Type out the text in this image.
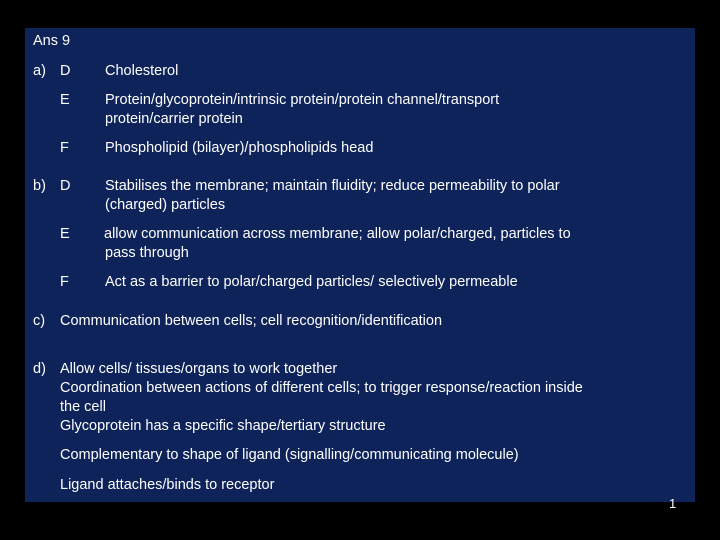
Ans 9
a) D Cholesterol
E Protein/glycoprotein/intrinsic protein/protein channel/transport
protein/carrier protein
F Phospholipid (bilayer)/phospholipids head
b) D Stabilises the membrane; maintain fluidity; reduce permeability to polar
(charged) particles
E allow communication across membrane; allow polar/charged, particles to
pass through
F Act as a barrier to polar/charged particles/ selectively permeable
c) Communication between cells; cell recognition/identification
d) Allow cells/ tissues/organs to work together
Coordination between actions of different cells; to trigger response/reaction inside
the cell
Glycoprotein has a specific shape/tertiary structure
Complementary to shape of ligand (signalling/communicating molecule)
Ligand attaches/binds to receptor
1
